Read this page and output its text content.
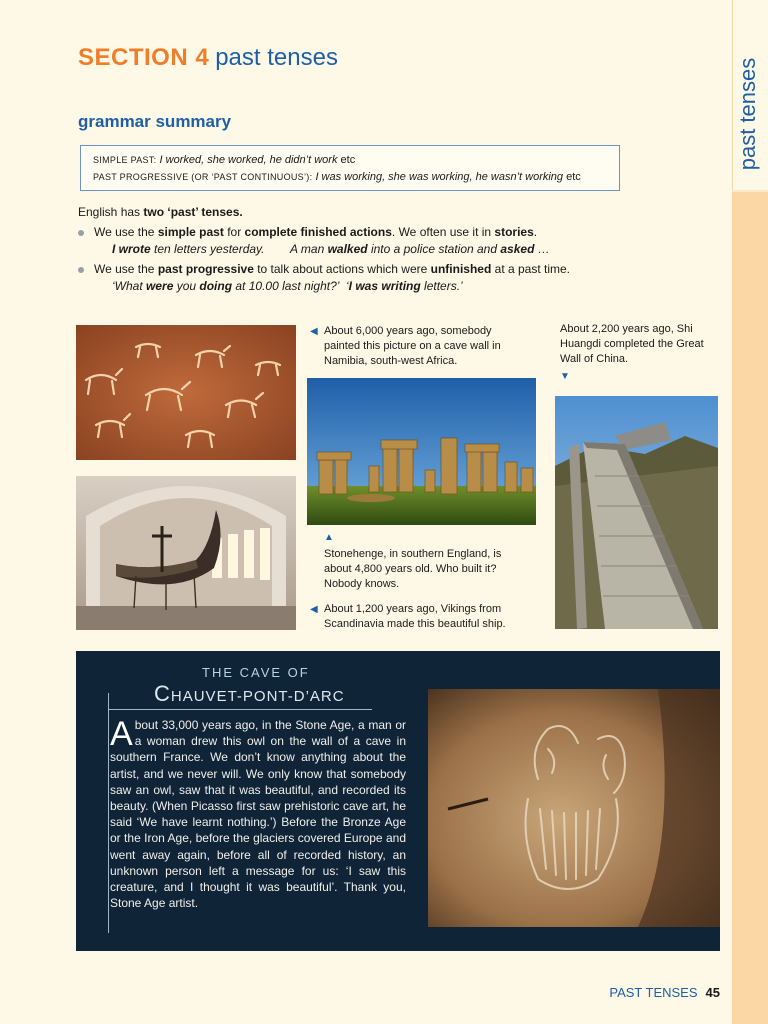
past tenses
SECTION 4 past tenses
grammar summary
SIMPLE PAST: I worked, she worked, he didn’t work etc
PAST PROGRESSIVE (OR ‘PAST CONTINUOUS’): I was working, she was working, he wasn’t working etc
English has two ‘past’ tenses.
We use the simple past for complete finished actions. We often use it in stories.
I wrote ten letters yesterday. A man walked into a police station and asked …
We use the past progressive to talk about actions which were unfinished at a past time.
‘What were you doing at 10.00 last night?’ ‘I was writing letters.’
◀ About 6,000 years ago, somebody painted this picture on a cave wall in Namibia, south-west Africa.
About 2,200 years ago, Shi Huangdi completed the Great Wall of China.
▼
▲
Stonehenge, in southern England, is about 4,800 years old. Who built it? Nobody knows.
◀ About 1,200 years ago, Vikings from Scandinavia made this beautiful ship.
THE CAVE OF
CHAUVET-PONT-D’ARC
About 33,000 years ago, in the Stone Age, a man or a woman drew this owl on the wall of a cave in southern France. We don’t know anything about the artist, and we never will. We only know that somebody saw an owl, saw that it was beautiful, and recorded its beauty. (When Picasso first saw prehistoric cave art, he said ‘We have learnt nothing.’) Before the Bronze Age or the Iron Age, before the glaciers covered Europe and went away again, before all of recorded history, an unknown person left a message for us: ‘I saw this creature, and I thought it was beautiful’. Thank you, Stone Age artist.
PAST TENSES 45
